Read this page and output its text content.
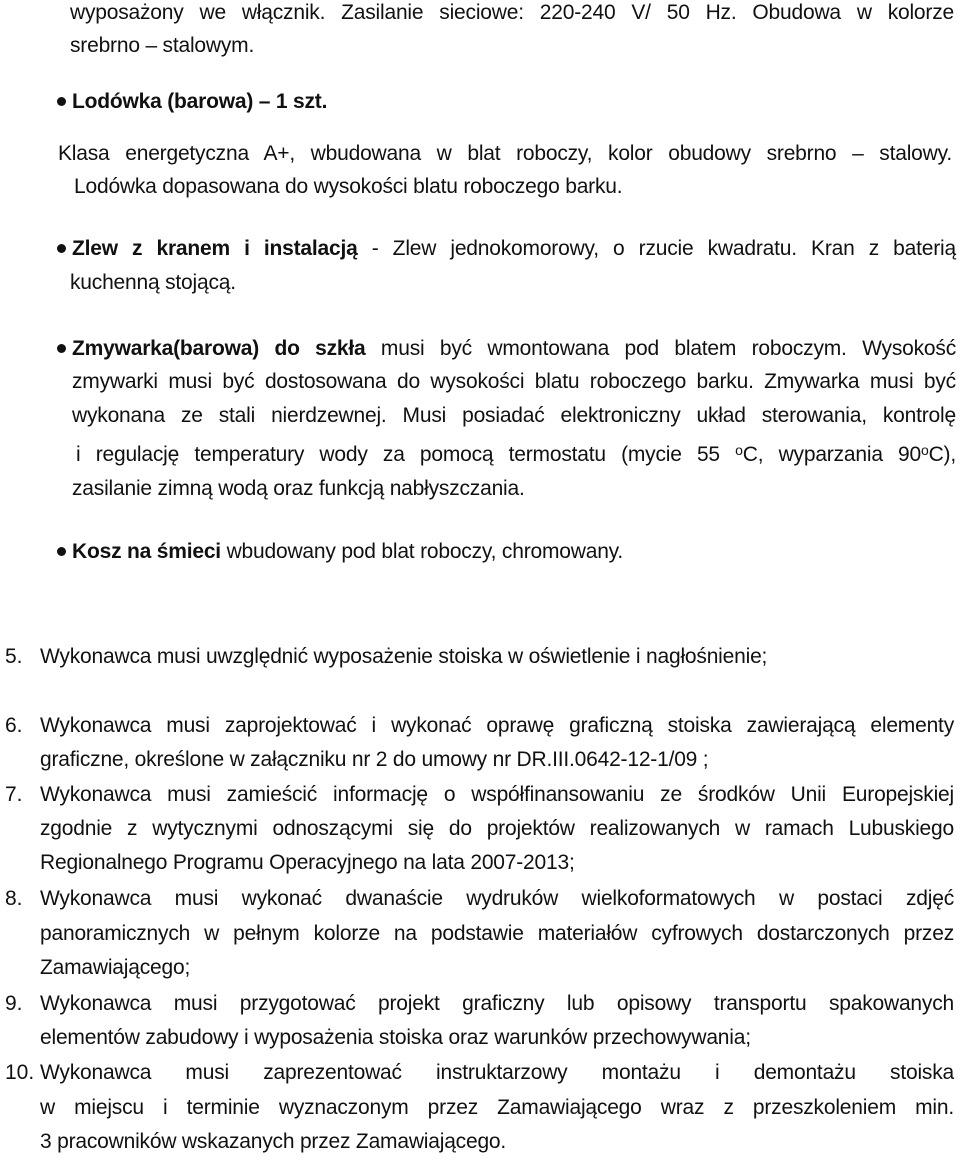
wyposażony we włącznik. Zasilanie sieciowe: 220-240 V/ 50 Hz. Obudowa w kolorze
srebrno – stalowym.
Lodówka (barowa) – 1 szt.
Klasa energetyczna A+, wbudowana w blat roboczy, kolor obudowy srebrno – stalowy.
Lodówka dopasowana do wysokości blatu roboczego barku.
Zlew z kranem i instalacją - Zlew jednokomorowy, o rzucie kwadratu. Kran z baterią
kuchenną stojącą.
Zmywarka(barowa) do szkła musi być wmontowana pod blatem roboczym. Wysokość
zmywarki musi być dostosowana do wysokości blatu roboczego barku. Zmywarka musi być
wykonana ze stali nierdzewnej. Musi posiadać elektroniczny układ sterowania, kontrolę
i regulację temperatury wody za pomocą termostatu (mycie 55 $^o$C, wyparzania 90$^o$C),
zasilanie zimną wodą oraz funkcją nabłyszczania.
Kosz na śmieci wbudowany pod blat roboczy, chromowany.
5. Wykonawca musi uwzględnić wyposażenie stoiska w oświetlenie i nagłośnienie;
6. Wykonawca musi zaprojektować i wykonać oprawę graficzną stoiska zawierającą elementy
graficzne, określone w załączniku nr 2 do umowy nr DR.III.0642-12-1/09 ;
7. Wykonawca musi zamieścić informację o współfinansowaniu ze środków Unii Europejskiej
zgodnie z wytycznymi odnoszącymi się do projektów realizowanych w ramach Lubuskiego
Regionalnego Programu Operacyjnego na lata 2007-2013;
8. Wykonawca musi wykonać dwanaście wydruków wielkoformatowych w postaci zdjęć
panoramicznych w pełnym kolorze na podstawie materiałów cyfrowych dostarczonych przez
Zamawiającego;
9. Wykonawca musi przygotować projekt graficzny lub opisowy transportu spakowanych
elementów zabudowy i wyposażenia stoiska oraz warunków przechowywania;
10. Wykonawca musi zaprezentować instruktarzowy montażu i demontażu stoiska
w miejscu i terminie wyznaczonym przez Zamawiającego wraz z przeszkoleniem min.
3 pracowników wskazanych przez Zamawiającego.
